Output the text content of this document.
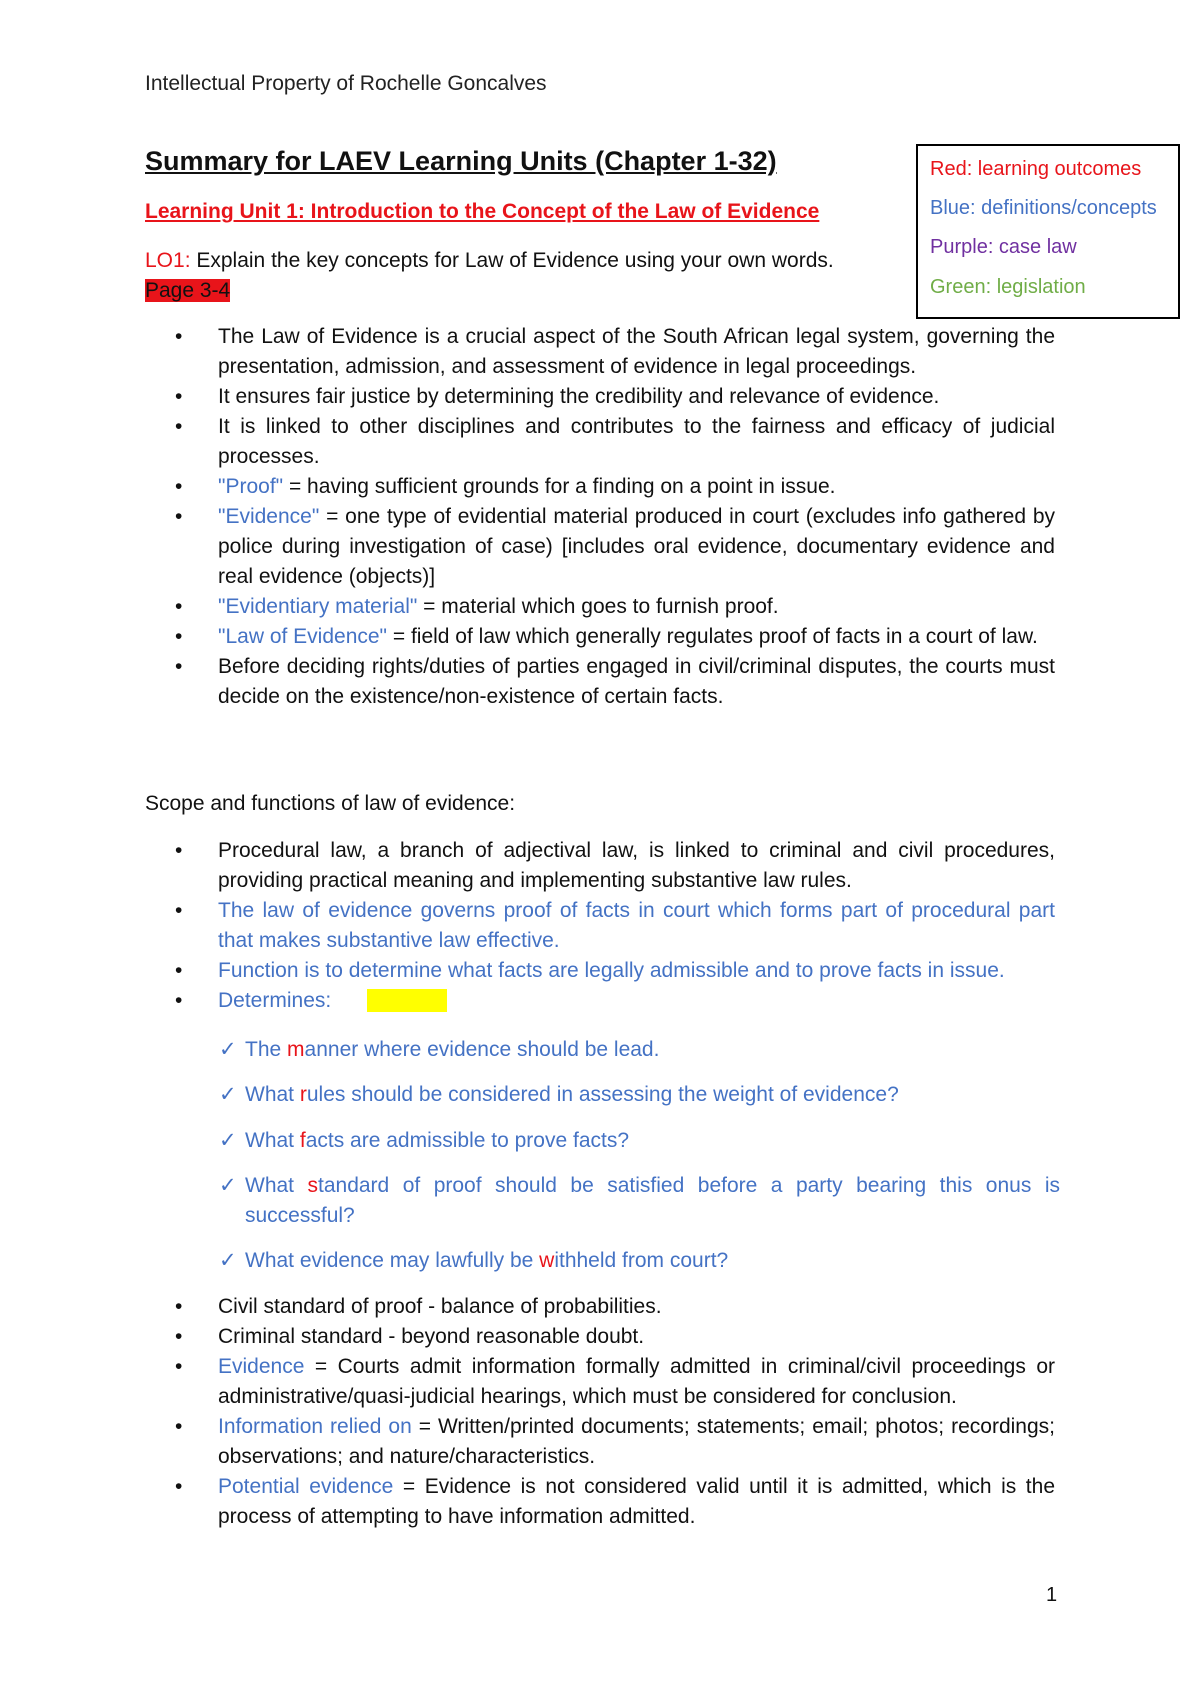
Intellectual Property of Rochelle Goncalves
Summary for LAEV Learning Units (Chapter 1-32)	Red: learning outcomes
Blue: definitions/concepts
Purple: case law
Green: legislation
Learning Unit 1: Introduction to the Concept of the Law of Evidence
LO1: Explain the key concepts for Law of Evidence using your own words.
Page 3-4
• The Law of Evidence is a crucial aspect of the South African legal system, governing the presentation, admission, and assessment of evidence in legal proceedings.
• It ensures fair justice by determining the credibility and relevance of evidence.
• It is linked to other disciplines and contributes to the fairness and efficacy of judicial processes.
• "Proof" = having sufficient grounds for a finding on a point in issue.
• "Evidence" = one type of evidential material produced in court (excludes info gathered by police during investigation of case) [includes oral evidence, documentary evidence and real evidence (objects)]
• "Evidentiary material" = material which goes to furnish proof.
• "Law of Evidence" = field of law which generally regulates proof of facts in a court of law.
• Before deciding rights/duties of parties engaged in civil/criminal disputes, the courts must decide on the existence/non-existence of certain facts.
Scope and functions of law of evidence:
• Procedural law, a branch of adjectival law, is linked to criminal and civil procedures, providing practical meaning and implementing substantive law rules.
• The law of evidence governs proof of facts in court which forms part of procedural part that makes substantive law effective.
• Function is to determine what facts are legally admissible and to prove facts in issue.
• Determines: MRFSW
✓ The manner where evidence should be lead.
✓ What rules should be considered in assessing the weight of evidence?
✓ What facts are admissible to prove facts?
✓ What standard of proof should be satisfied before a party bearing this onus is successful?
✓ What evidence may lawfully be withheld from court?
• Civil standard of proof - balance of probabilities.
• Criminal standard - beyond reasonable doubt.
• Evidence = Courts admit information formally admitted in criminal/civil proceedings or administrative/quasi-judicial hearings, which must be considered for conclusion.
• Information relied on = Written/printed documents; statements; email; photos; recordings; observations; and nature/characteristics.
• Potential evidence = Evidence is not considered valid until it is admitted, which is the process of attempting to have information admitted.
1
